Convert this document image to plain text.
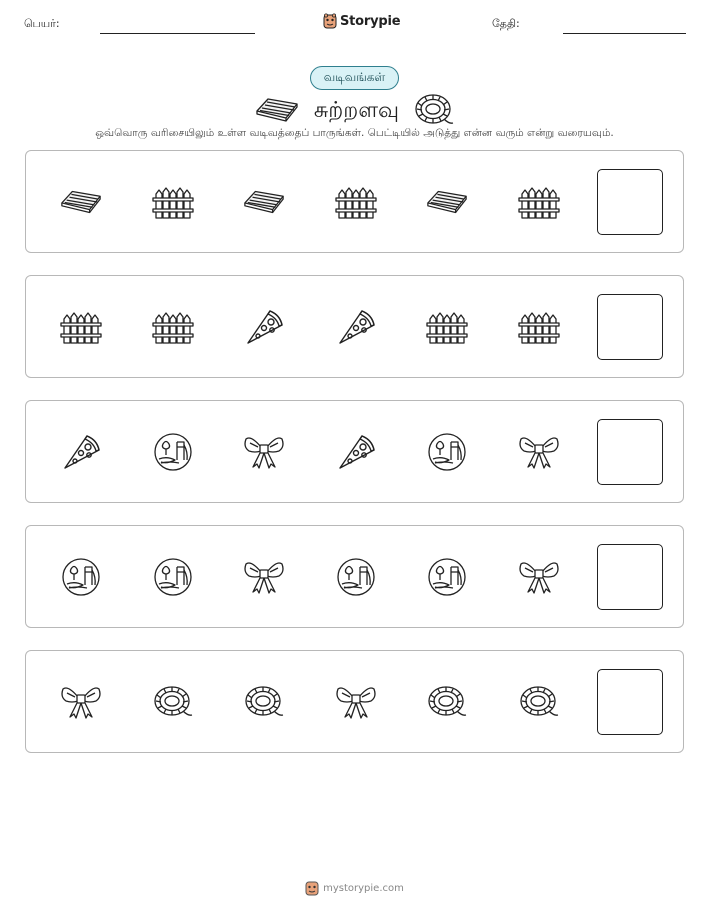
பெயர்:	Storypie	தேதி:
வடிவங்கள்
சுற்றளவு
ஒவ்வொரு வரிசையிலும் உள்ள வடிவத்தைப் பாருங்கள். பெட்டியில் அடுத்து என்ன வரும் என்று வரையவும்.
mystorypie.com
